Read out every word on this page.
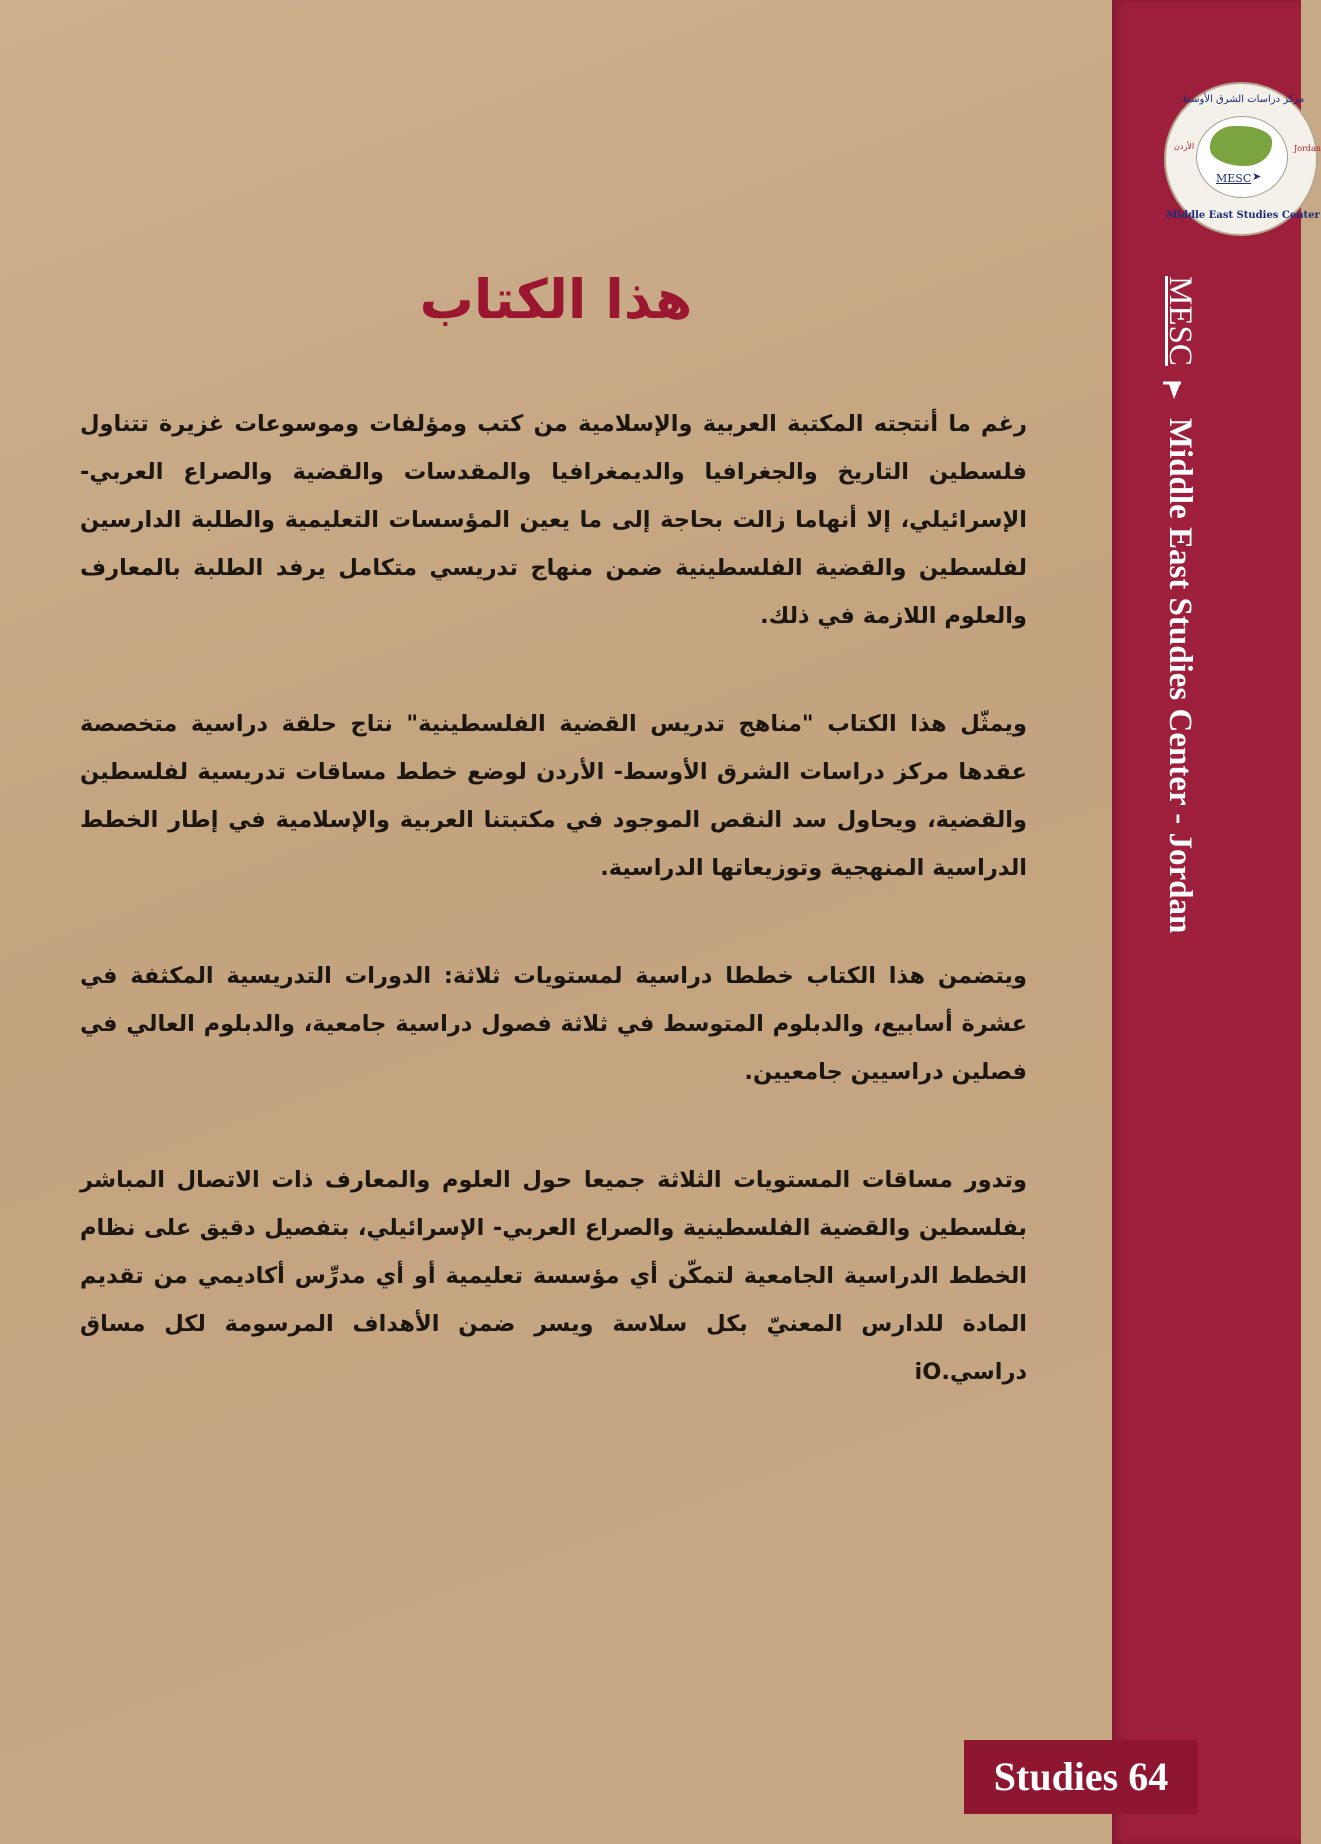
هذا الكتاب

رغم ما أنتجته المكتبة العربية والإسلامية من كتب ومؤلفات وموسوعات غزيرة تتناول فلسطين التاريخ والجغرافيا والديمغرافيا والمقدسات والقضية والصراع العربي- الإسرائيلي، إلا أنهاما زالت بحاجة إلى ما يعين المؤسسات التعليمية والطلبة الدارسين لفلسطين والقضية الفلسطينية ضمن منهاج تدريسي متكامل يرفد الطلبة بالمعارف والعلوم اللازمة في ذلك.

ويمثّل هذا الكتاب "مناهج تدريس القضية الفلسطينية" نتاج حلقة دراسية متخصصة عقدها مركز دراسات الشرق الأوسط- الأردن لوضع خطط مساقات تدريسية لفلسطين والقضية، ويحاول سد النقص الموجود في مكتبتنا العربية والإسلامية في إطار الخطط الدراسية المنهجية وتوزيعاتها الدراسية.

ويتضمن هذا الكتاب خططا دراسية لمستويات ثلاثة: الدورات التدريسية المكثفة في عشرة أسابيع، والدبلوم المتوسط في ثلاثة فصول دراسية جامعية، والدبلوم العالي في فصلين دراسيين جامعيين.

وتدور مساقات المستويات الثلاثة جميعا حول العلوم والمعارف ذات الاتصال المباشر بفلسطين والقضية الفلسطينية والصراع العربي- الإسرائيلي، بتفصيل دقيق على نظام الخطط الدراسية الجامعية لتمكّن أي مؤسسة تعليمية أو أي مدرِّس أكاديمي من تقديم المادة للدارس المعنيّ بكل سلاسة ويسر ضمن الأهداف المرسومة لكل مساق دراسي.iO

مركز دراسات الشرق الأوسط
الأردن	Jordan
MESC ➤
Middle East Studies Center
MESC
Middle East Studies Center - Jordan
Studies 64
